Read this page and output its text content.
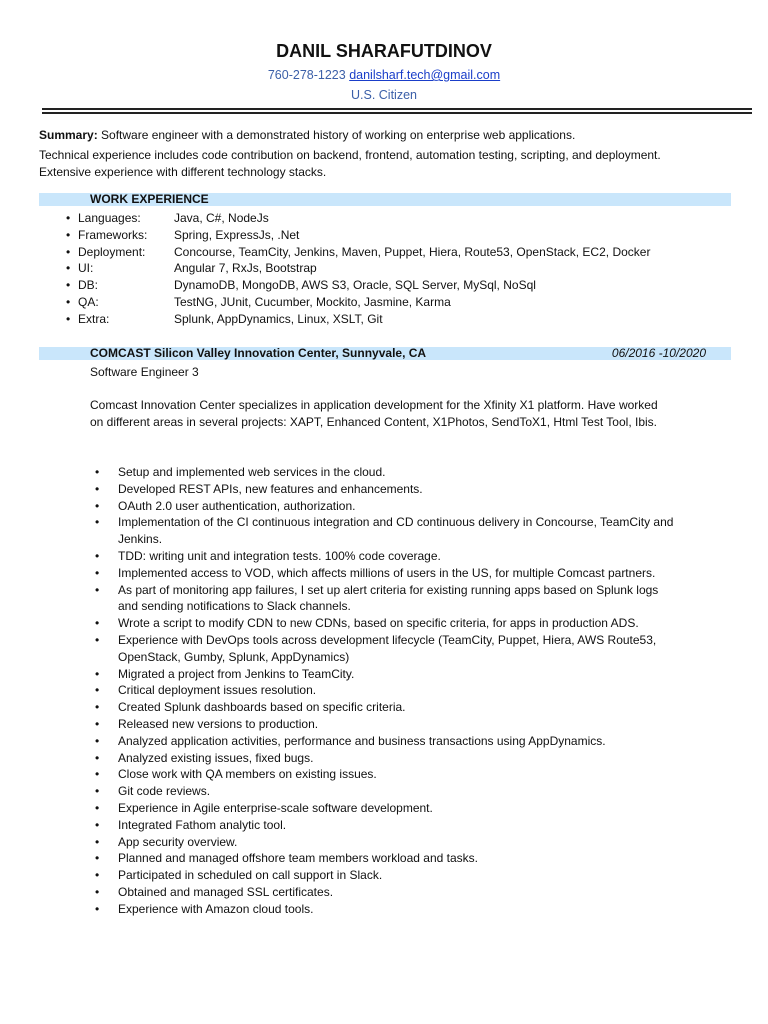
DANIL SHARAFUTDINOV
760-278-1223 danilsharf.tech@gmail.com
U.S. Citizen

Summary: Software engineer with a demonstrated history of working on enterprise web applications.

Technical experience includes code contribution on backend, frontend, automation testing, scripting, and deployment.

Extensive experience with different technology stacks.

WORK EXPERIENCE
• Languages:	Java, C#, NodeJs
• Frameworks: Spring, ExpressJs, .Net
• Deployment: Concourse, TeamCity, Jenkins, Maven, Puppet, Hiera, Route53, OpenStack, EC2, Docker
• UI:	Angular 7, RxJs, Bootstrap
• DB:	DynamoDB, MongoDB, AWS S3, Oracle, SQL Server, MySql, NoSql
• QA:	TestNG, JUnit, Cucumber, Mockito, Jasmine, Karma
• Extra:	Splunk, AppDynamics, Linux, XSLT, Git
COMCAST Silicon Valley Innovation Center, Sunnyvale, CA	06/2016 -10/2020
Software Engineer 3
Comcast Innovation Center specializes in application development for the Xfinity X1 platform. Have worked on different areas in several projects: XAPT, Enhanced Content, X1Photos, SendToX1, Html Test Tool, Ibis.
• Setup and implemented web services in the cloud.
• Developed REST APIs, new features and enhancements.
• OAuth 2.0 user authentication, authorization.
• Implementation of the CI continuous integration and CD continuous delivery in Concourse, TeamCity and Jenkins.
• TDD: writing unit and integration tests. 100% code coverage.
• Implemented access to VOD, which affects millions of users in the US, for multiple Comcast partners.
• As part of monitoring app failures, I set up alert criteria for existing running apps based on Splunk logs and sending notifications to Slack channels.
• Wrote a script to modify CDN to new CDNs, based on specific criteria, for apps in production ADS.
• Experience with DevOps tools across development lifecycle (TeamCity, Puppet, Hiera, AWS Route53, OpenStack, Gumby, Splunk, AppDynamics)
• Migrated a project from Jenkins to TeamCity.
• Critical deployment issues resolution.
• Created Splunk dashboards based on specific criteria.
• Released new versions to production.
• Analyzed application activities, performance and business transactions using AppDynamics.
• Analyzed existing issues, fixed bugs.
• Close work with QA members on existing issues.
• Git code reviews.
• Experience in Agile enterprise-scale software development.
• Integrated Fathom analytic tool.
• App security overview.
• Planned and managed offshore team members workload and tasks.
• Participated in scheduled on call support in Slack.
• Obtained and managed SSL certificates.
• Experience with Amazon cloud tools.
